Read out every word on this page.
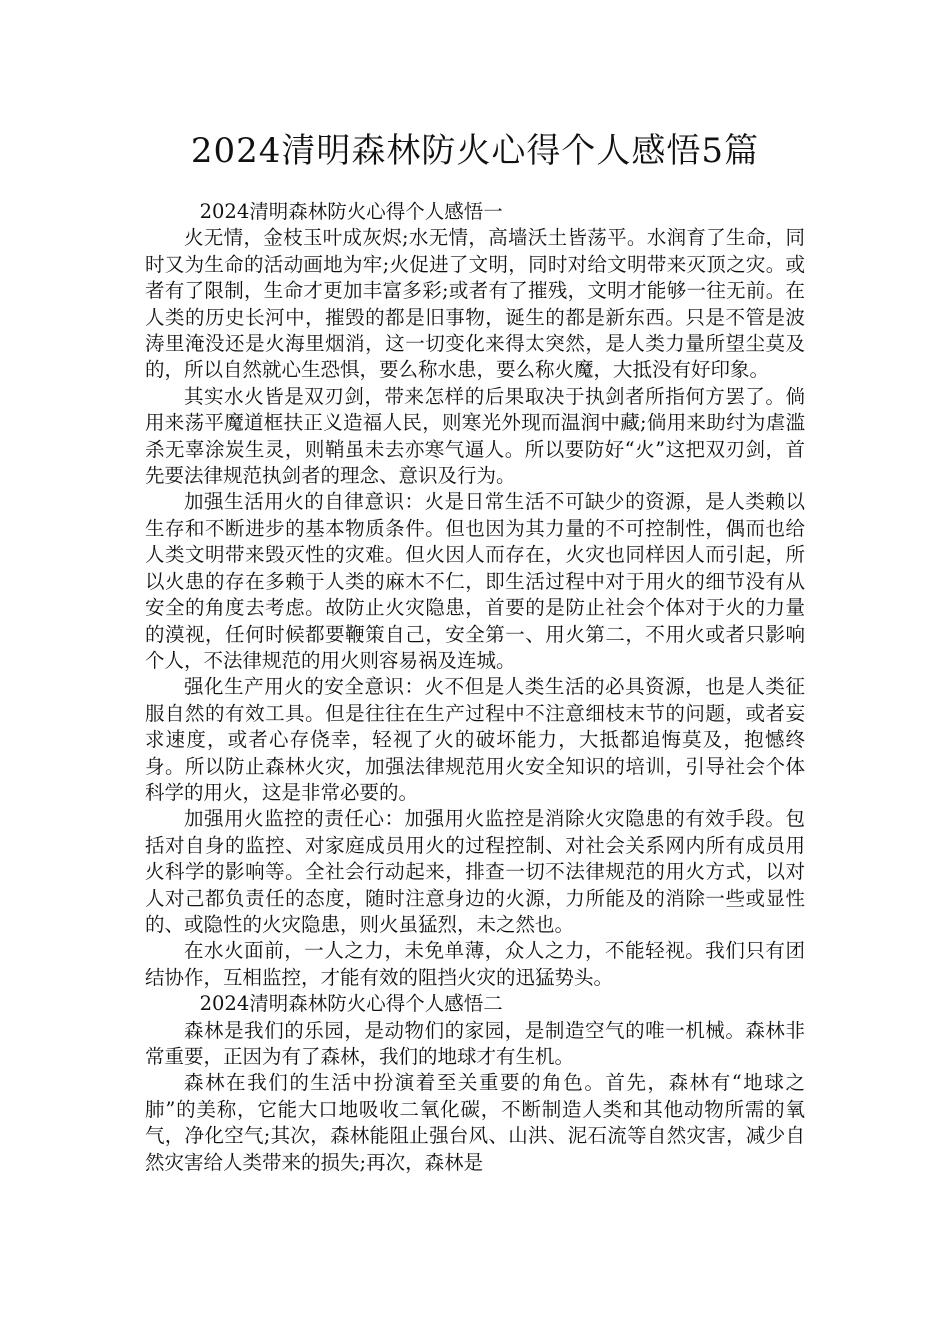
2024清明森林防火心得个人感悟5篇

2024清明森林防火心得个人感悟一

火无情，金枝玉叶成灰烬;水无情，高墙沃土皆荡平。水润育了生命，同时又为生命的活动画地为牢;火促进了文明，同时对给文明带来灭顶之灾。或者有了限制，生命才更加丰富多彩;或者有了摧残，文明才能够一往无前。在人类的历史长河中，摧毁的都是旧事物，诞生的都是新东西。只是不管是波涛里淹没还是火海里烟消，这一切变化来得太突然，是人类力量所望尘莫及的，所以自然就心生恐惧，要么称水患，要么称火魔，大抵没有好印象。

其实水火皆是双刃剑，带来怎样的后果取决于执剑者所指何方罢了。倘用来荡平魔道框扶正义造福人民，则寒光外现而温润中藏;倘用来助纣为虐滥杀无辜涂炭生灵，则鞘虽未去亦寒气逼人。所以要防好“火”这把双刃剑，首先要法律规范执剑者的理念、意识及行为。

加强生活用火的自律意识：火是日常生活不可缺少的资源，是人类赖以生存和不断进步的基本物质条件。但也因为其力量的不可控制性，偶而也给人类文明带来毁灭性的灾难。但火因人而存在，火灾也同样因人而引起，所以火患的存在多赖于人类的麻木不仁，即生活过程中对于用火的细节没有从安全的角度去考虑。故防止火灾隐患，首要的是防止社会个体对于火的力量的漠视，任何时候都要鞭策自己，安全第一、用火第二，不用火或者只影响个人，不法律规范的用火则容易祸及连城。

强化生产用火的安全意识：火不但是人类生活的必具资源，也是人类征服自然的有效工具。但是往往在生产过程中不注意细枝末节的问题，或者妄求速度，或者心存侥幸，轻视了火的破坏能力，大抵都追悔莫及，抱憾终身。所以防止森林火灾，加强法律规范用火安全知识的培训，引导社会个体科学的用火，这是非常必要的。

加强用火监控的责任心：加强用火监控是消除火灾隐患的有效手段。包括对自身的监控、对家庭成员用火的过程控制、对社会关系网内所有成员用火科学的影响等。全社会行动起来，排查一切不法律规范的用火方式，以对人对己都负责任的态度，随时注意身边的火源，力所能及的消除一些或显性的、或隐性的火灾隐患，则火虽猛烈，未之然也。

在水火面前，一人之力，未免单薄，众人之力，不能轻视。我们只有团结协作，互相监控，才能有效的阻挡火灾的迅猛势头。

2024清明森林防火心得个人感悟二

森林是我们的乐园，是动物们的家园，是制造空气的唯一机械。森林非常重要，正因为有了森林，我们的地球才有生机。

森林在我们的生活中扮演着至关重要的角色。首先，森林有“地球之肺”的美称，它能大口地吸收二氧化碳，不断制造人类和其他动物所需的氧气，净化空气;其次，森林能阻止强台风、山洪、泥石流等自然灾害，减少自然灾害给人类带来的损失;再次，森林是
